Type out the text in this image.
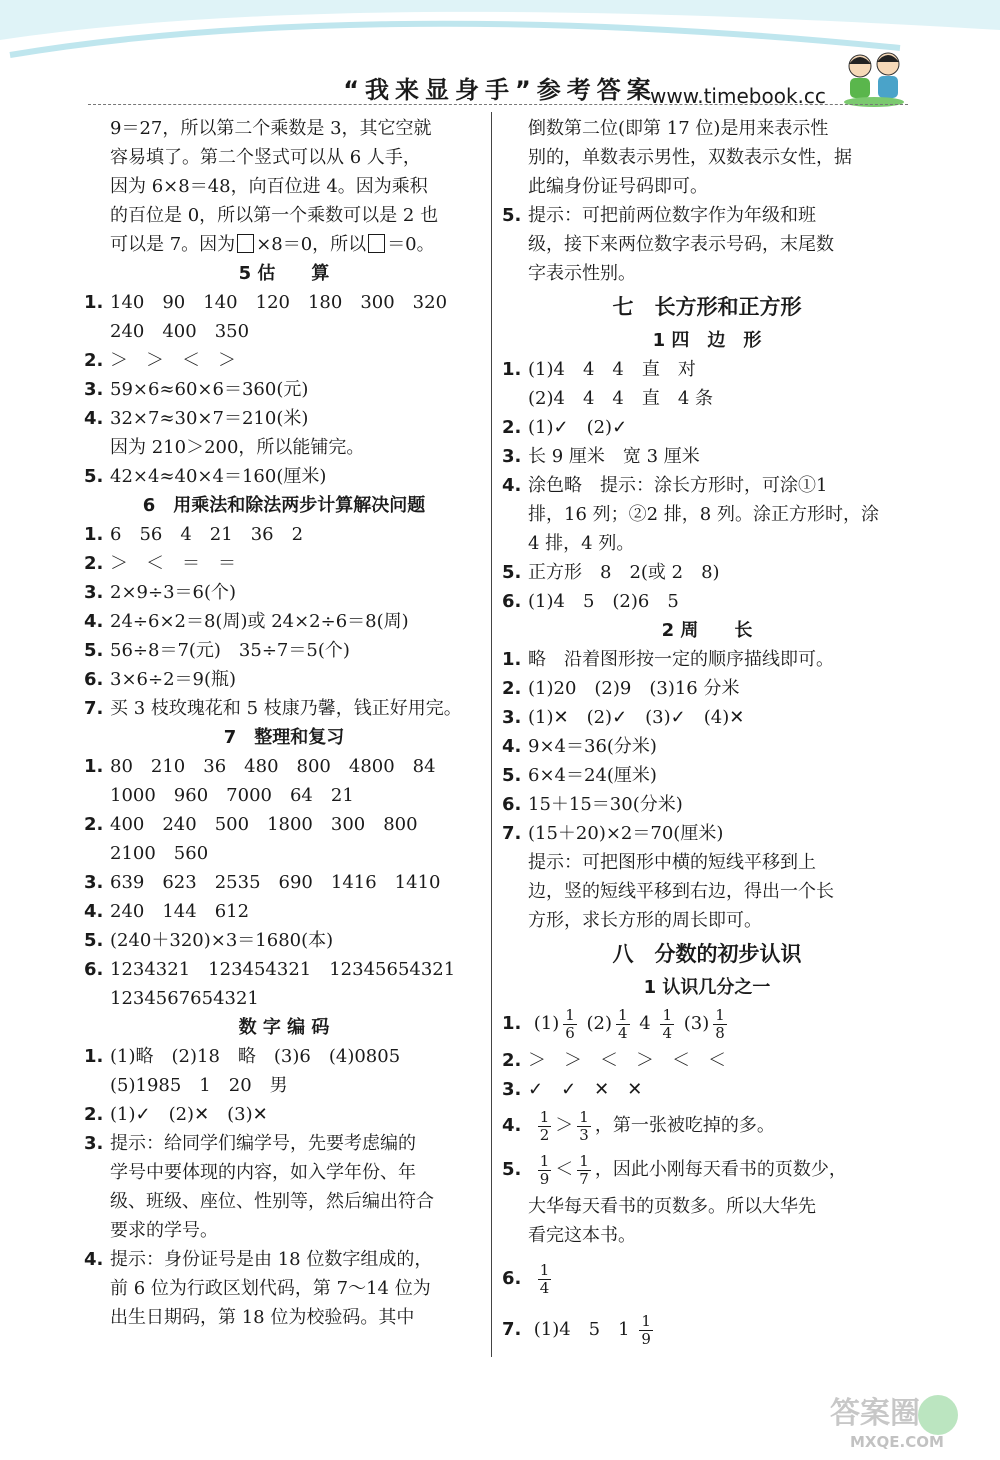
“我来显身手”参考答案
www.timebook.cc
9＝27，所以第二个乘数是 3，其它空就
容易填了。第二个竖式可以从 6 人手，
因为 6×8＝48，向百位进 4。因为乘积
的百位是 0，所以第一个乘数可以是 2 也
可以是 7。因为 ×8＝0，所以 ＝0。
5 估　　算
1. 140　90　140　120　180　300　320
240　400　350
2. ＞　＞　＜　＞
3. 59×6≈60×6＝360(元)
4. 32×7≈30×7＝210(米)
因为 210＞200，所以能铺完。
5. 42×4≈40×4＝160(厘米)
6　用乘法和除法两步计算解决问题
1. 6　56　4　21　36　2
2. ＞　＜　＝　＝
3. 2×9÷3＝6(个)
4. 24÷6×2＝8(周)或 24×2÷6＝8(周)
5. 56÷8＝7(元)　35÷7＝5(个)
6. 3×6÷2＝9(瓶)
7. 买 3 枝玫瑰花和 5 枝康乃馨，钱正好用完。
7　整理和复习
1. 80　210　36　480　800　4800　84
1000　960　7000　64　21
2. 400　240　500　1800　300　800
2100　560
3. 639　623　2535　690　1416　1410
4. 240　144　612
5. (240＋320)×3＝1680(本)
6. 1234321　123454321　12345654321
1234567654321
数 字 编 码
1. (1)略　(2)18　略　(3)6　(4)0805
(5)1985　1　20　男
2. (1)✓　(2)✕　(3)✕
3. 提示：给同学们编学号，先要考虑编的
学号中要体现的内容，如入学年份、年
级、班级、座位、性别等，然后编出符合
要求的学号。
4. 提示：身份证号是由 18 位数字组成的，
前 6 位为行政区划代码，第 7～14 位为
出生日期码，第 18 位为校验码。其中
倒数第二位(即第 17 位)是用来表示性
别的，单数表示男性，双数表示女性，据
此编身份证号码即可。
5. 提示：可把前两位数字作为年级和班
级，接下来两位数字表示号码，末尾数
字表示性别。
七　长方形和正方形
1 四　边　形
1. (1)4　4　4　直　对
(2)4　4　4　直　4 条
2. (1)✓　(2)✓
3. 长 9 厘米　宽 3 厘米
4. 涂色略　提示：涂长方形时，可涂①1
排，16 列；②2 排，8 列。涂正方形时，涂
4 排，4 列。
5. 正方形　8　2(或 2　8)
6. (1)4　5　(2)6　5
2 周　　长
1. 略　沿着图形按一定的顺序描线即可。
2. (1)20　(2)9　(3)16 分米
3. (1)✕　(2)✓　(3)✓　(4)✕
4. 9×4＝36(分米)
5. 6×4＝24(厘米)
6. 15＋15＝30(分米)
7. (15＋20)×2＝70(厘米)
提示：可把图形中横的短线平移到上
边，竖的短线平移到右边，得出一个长
方形，求长方形的周长即可。
八　分数的初步认识
1 认识几分之一
1. $(1) \frac{1}{6} (2) \frac{1}{4} 4 \frac{1}{4} (3) \frac{1}{8}$
2. ＞　＞　＜　＞　＜　＜
3. ✓　✓　✕　✕
4. $\frac{1}{2} > \frac{1}{3}$ ，第一张被吃掉的多。
5. $\frac{1}{9} < \frac{1}{7}$ ，因此小刚每天看书的页数少，
大华每天看书的页数多。所以大华先
看完这本书。
6. $\frac{1}{4}$
7. (1)4　5　$1 \frac{1}{9}$
答案圈
MXQE.COM
